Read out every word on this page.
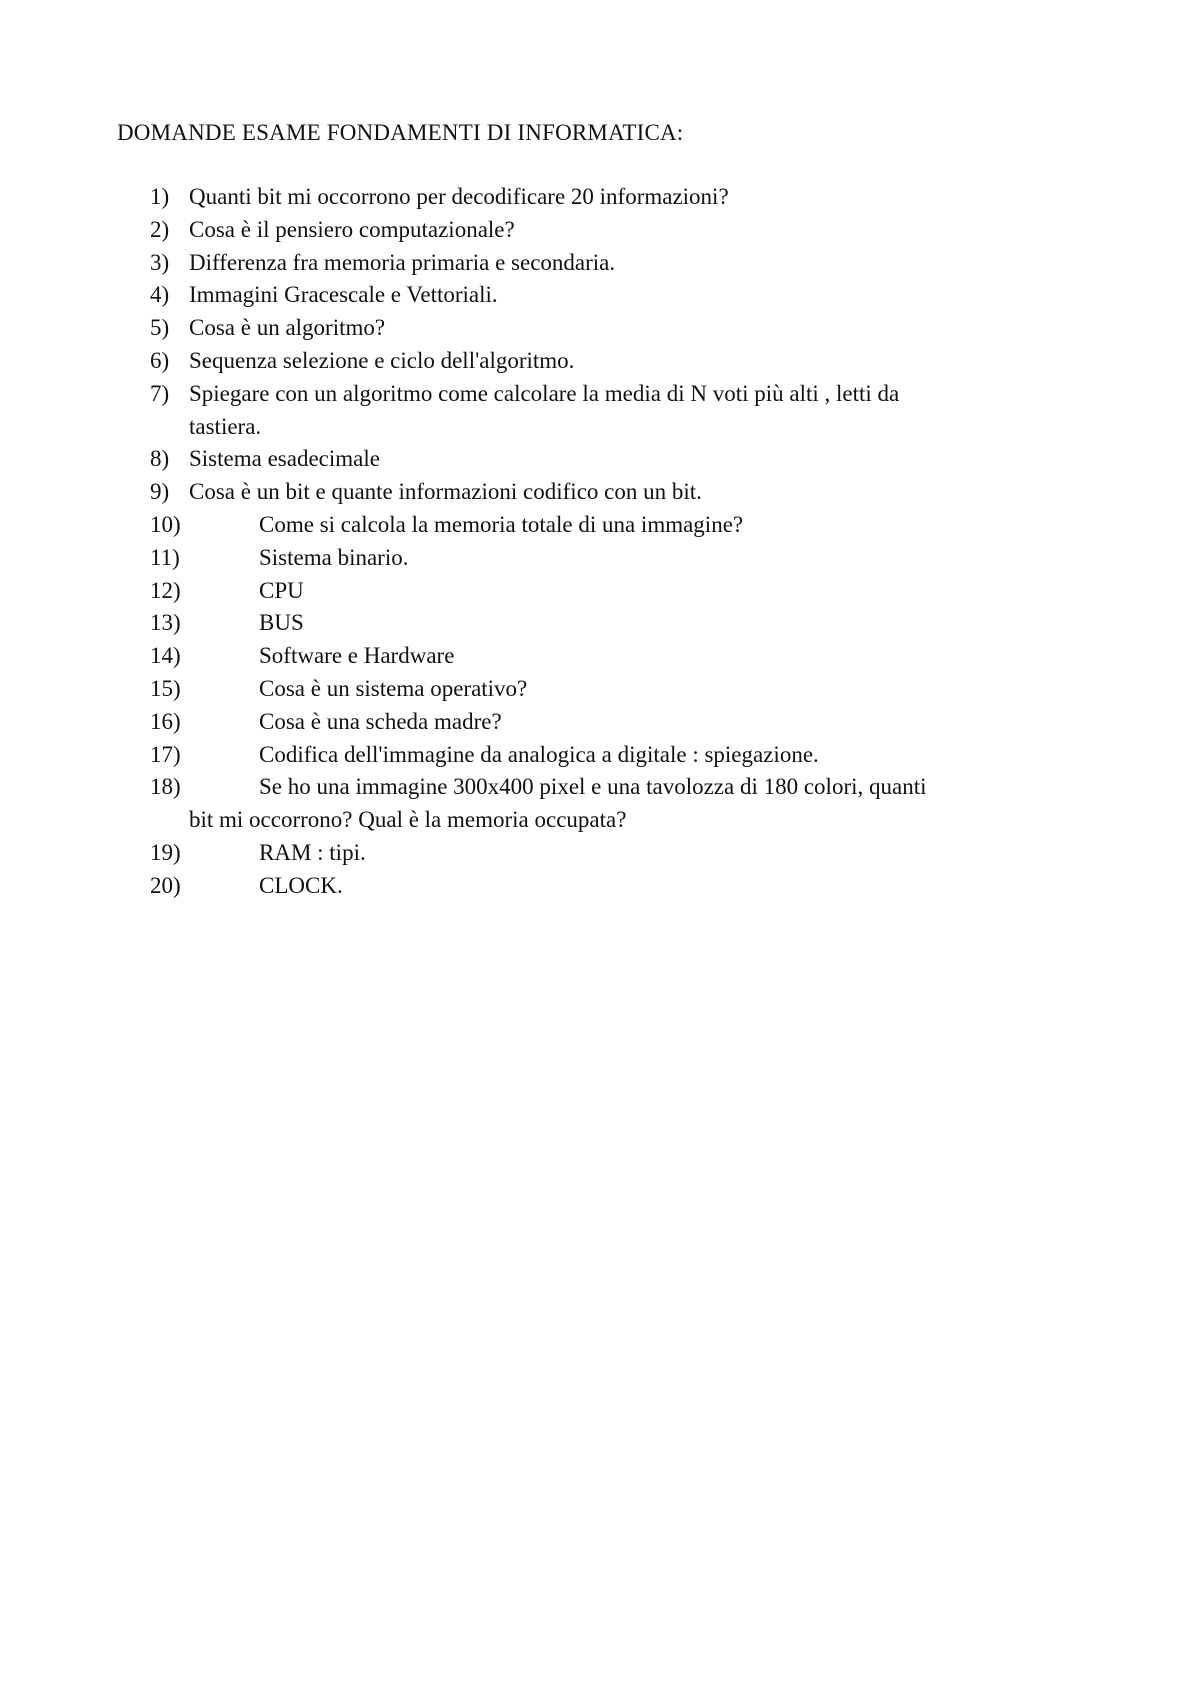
DOMANDE ESAME FONDAMENTI DI INFORMATICA:
1) Quanti bit mi occorrono per decodificare 20 informazioni?
2) Cosa è il pensiero computazionale?
3) Differenza fra memoria primaria e secondaria.
4) Immagini Gracescale e Vettoriali.
5) Cosa è un algoritmo?
6) Sequenza selezione e ciclo dell'algoritmo.
7) Spiegare con un algoritmo come calcolare la media di N voti più alti , letti da
tastiera.
8) Sistema esadecimale
9) Cosa è un bit e quante informazioni codifico con un bit.
10)	Come si calcola la memoria totale di una immagine?
11)	Sistema binario.
12)	CPU
13)	BUS
14)	Software e Hardware
15)	Cosa è un sistema operativo?
16)	Cosa è una scheda madre?
17)	Codifica dell'immagine da analogica a digitale : spiegazione.
18)	Se ho una immagine 300x400 pixel e una tavolozza di 180 colori, quanti
bit mi occorrono? Qual è la memoria occupata?
19)	RAM : tipi.
20)	CLOCK.
